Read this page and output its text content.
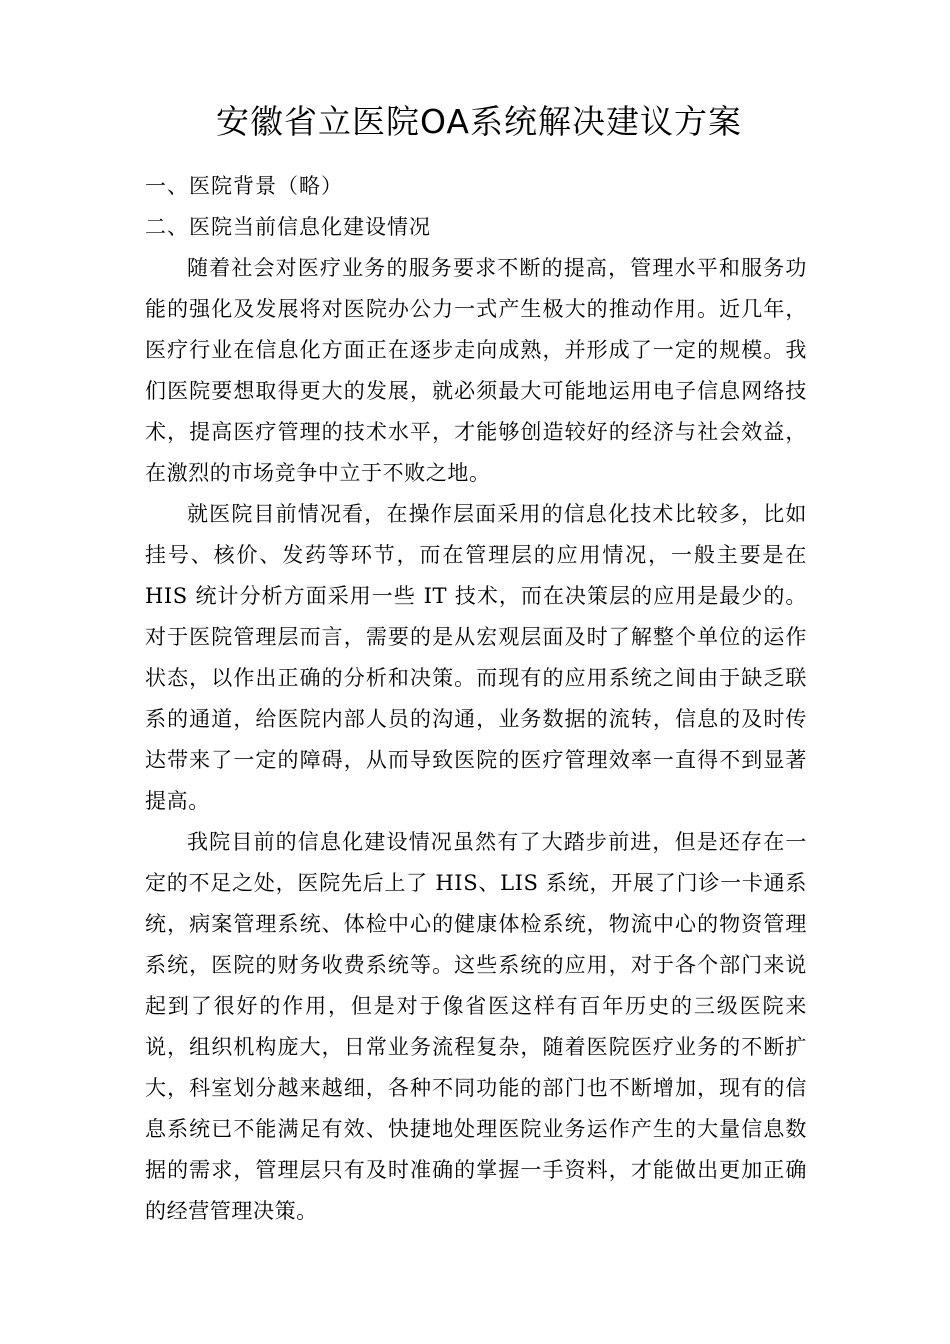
安徽省立医院OA系统解决建议方案

一、医院背景（略）

二、医院当前信息化建设情况

随着社会对医疗业务的服务要求不断的提高，管理水平和服务功能的强化及发展将对医院办公力一式产生极大的推动作用。近几年，医疗行业在信息化方面正在逐步走向成熟，并形成了一定的规模。我们医院要想取得更大的发展，就必须最大可能地运用电子信息网络技术，提高医疗管理的技术水平，才能够创造较好的经济与社会效益，在激烈的市场竞争中立于不败之地。

就医院目前情况看，在操作层面采用的信息化技术比较多，比如挂号、核价、发药等环节，而在管理层的应用情况，一般主要是在HIS 统计分析方面采用一些 IT 技术，而在决策层的应用是最少的。对于医院管理层而言，需要的是从宏观层面及时了解整个单位的运作状态，以作出正确的分析和决策。而现有的应用系统之间由于缺乏联系的通道，给医院内部人员的沟通，业务数据的流转，信息的及时传达带来了一定的障碍，从而导致医院的医疗管理效率一直得不到显著提高。

我院目前的信息化建设情况虽然有了大踏步前进，但是还存在一定的不足之处，医院先后上了 HIS、LIS 系统，开展了门诊一卡通系统，病案管理系统、体检中心的健康体检系统，物流中心的物资管理系统，医院的财务收费系统等。这些系统的应用，对于各个部门来说起到了很好的作用，但是对于像省医这样有百年历史的三级医院来说，组织机构庞大，日常业务流程复杂，随着医院医疗业务的不断扩大，科室划分越来越细，各种不同功能的部门也不断增加，现有的信息系统已不能满足有效、快捷地处理医院业务运作产生的大量信息数据的需求，管理层只有及时准确的掌握一手资料，才能做出更加正确的经营管理决策。
